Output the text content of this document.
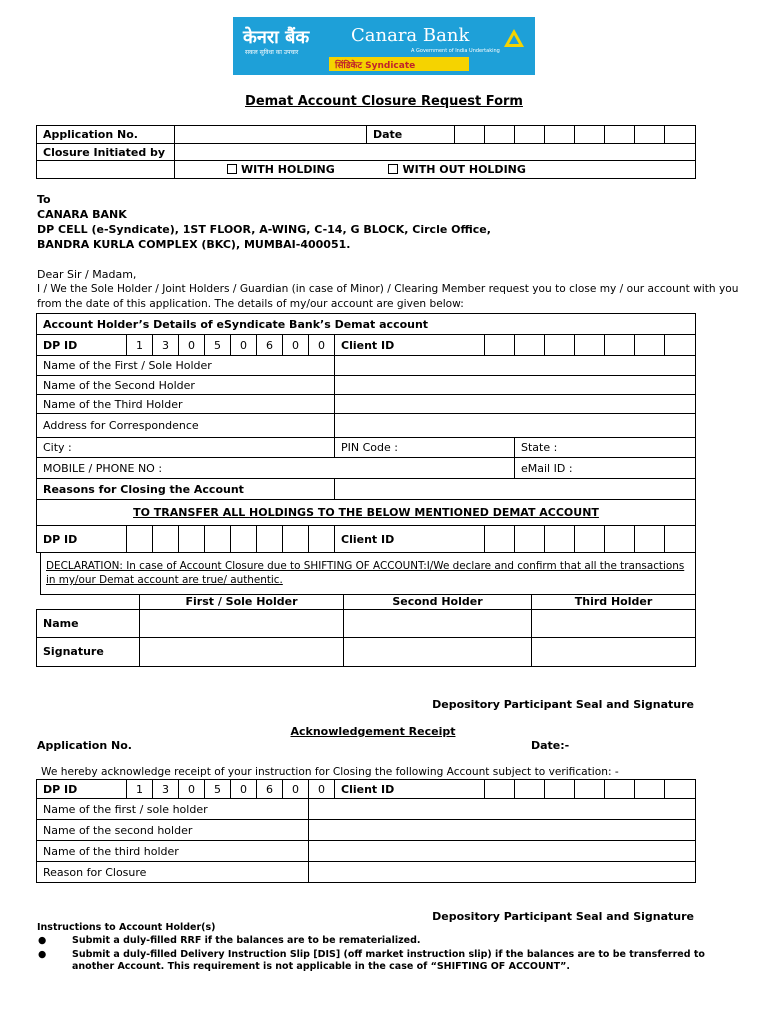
केनरा बैंक
सकल सुविधा का उपचार
Canara Bank
A Government of India Undertaking
सिंडिकेट Syndicate
Demat Account Closure Request Form
Application No.		Date								
Closure Initiated by										
	WITH HOLDING WITH OUT HOLDING									
To
CANARA BANK
DP CELL (e-Syndicate), 1ST FLOOR, A-WING, C-14, G BLOCK, Circle Office,
BANDRA KURLA COMPLEX (BKC), MUMBAI-400051.
Dear Sir / Madam,
I / We the Sole Holder / Joint Holders / Guardian (in case of Minor) / Clearing Member request you to close my / our account with you
from the date of this application. The details of my/our account are given below:
Account Holder’s Details of eSyndicate Bank’s Demat account																
DP ID	1	3	0	5	0	6	0	0	Client ID							
Name of the First / Sole Holder																
Name of the Second Holder																
Name of the Third Holder																
Address for Correspondence																
City :									PIN Code :		State :					
MOBILE / PHONE NO :											eMail ID :					
Reasons for Closing the Account																
TO TRANSFER ALL HOLDINGS TO THE BELOW MENTIONED DEMAT ACCOUNT																
DP ID									Client ID							
DECLARATION: In case of Account Closure due to SHIFTING OF ACCOUNT:I/We declare and confirm that all the transactions
in my/our Demat account are true/ authentic.
	First / Sole Holder	Second Holder	Third Holder
Name			
Signature			
Depository Participant Seal and Signature
Acknowledgement Receipt
Application No.	Date:-
We hereby acknowledge receipt of your instruction for Closing the following Account subject to verification: -
DP ID	1	3	0	5	0	6	0	0	Client ID							
Name of the first / sole holder																
Name of the second holder																
Name of the third holder																
Reason for Closure																
Depository Participant Seal and Signature
Instructions to Account Holder(s)
●	Submit a duly-filled RRF if the balances are to be rematerialized.
●	Submit a duly-filled Delivery Instruction Slip [DIS] (off market instruction slip) if the balances are to be transferred to
another Account. This requirement is not applicable in the case of “SHIFTING OF ACCOUNT”.
